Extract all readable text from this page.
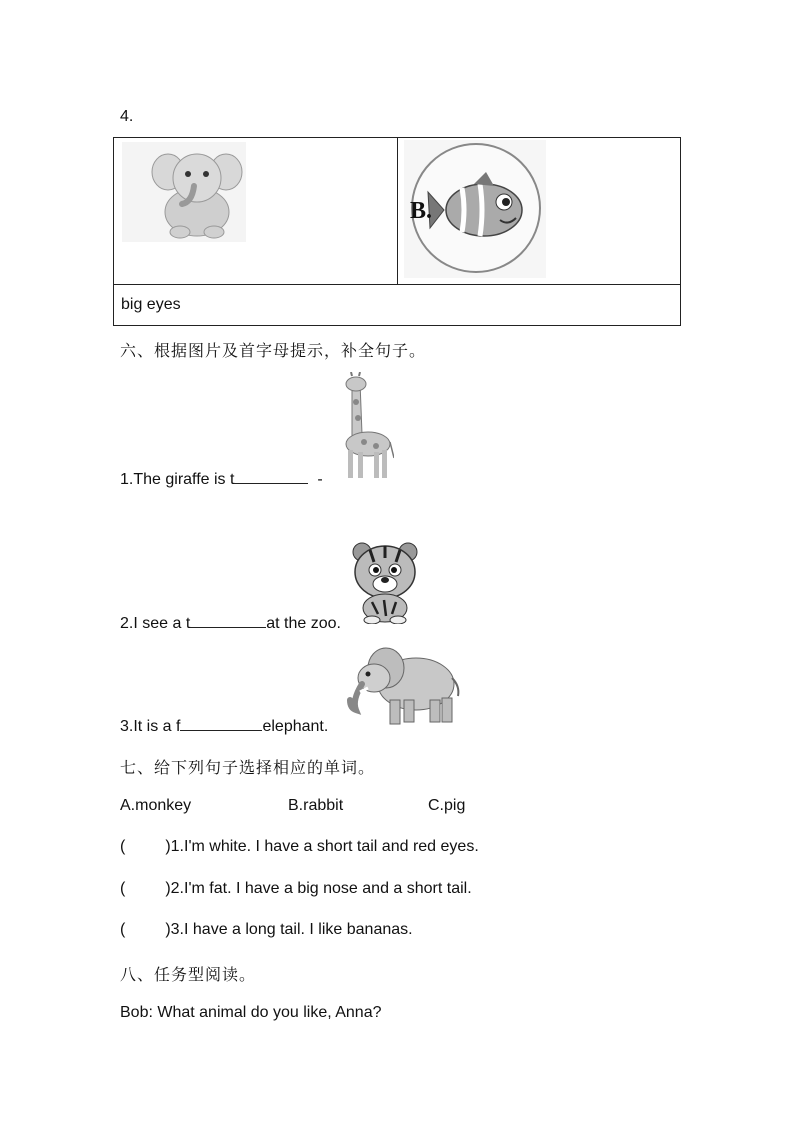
4.

B.

big eyes
六、根据图片及首字母提示，补全句子。
1.The giraffe is t	-
2.I see a t	at the zoo.
3.It is a f	elephant.
七、给下列句子选择相应的单词。
A.monkey	B.rabbit	C.pig
(	)1.I'm white. I have a short tail and red eyes.
(	)2.I'm fat. I have a big nose and a short tail.
(	)3.I have a long tail. I like bananas.
八、任务型阅读。
Bob: What animal do you like, Anna?
